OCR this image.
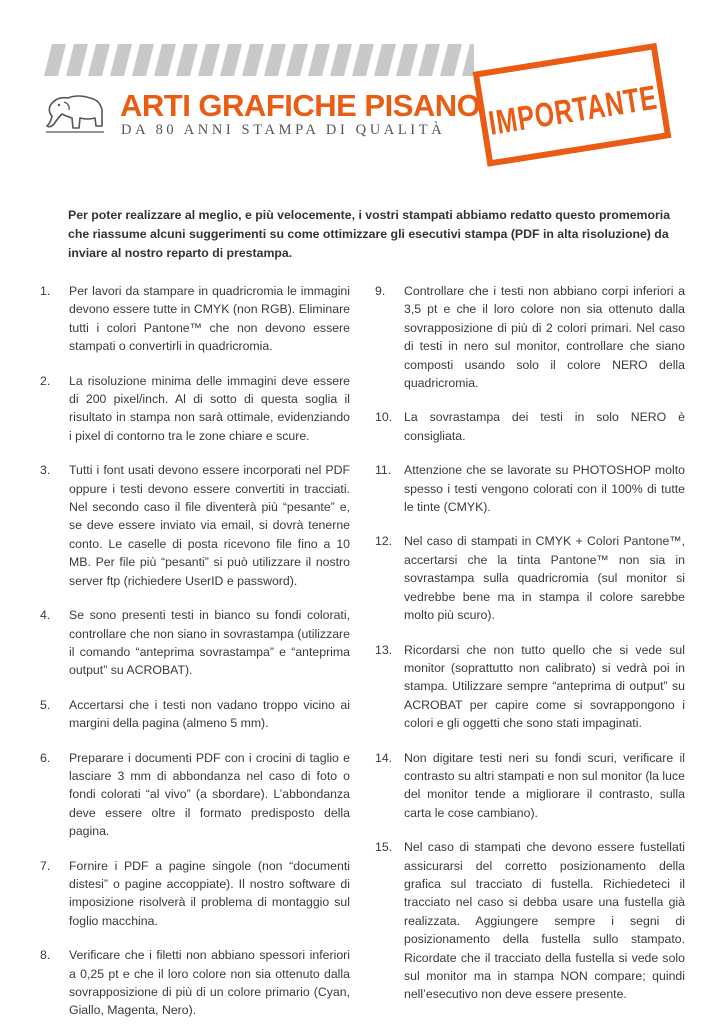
IMPORTANTE
ARTI GRAFICHE PISANO
DA 80 ANNI STAMPA DI QUALITÀ
Per poter realizzare al meglio, e più velocemente, i vostri stampati abbiamo redatto questo promemoria che riassume alcuni suggerimenti su come ottimizzare gli esecutivi stampa (PDF in alta risoluzione) da inviare al nostro reparto di prestampa.
1.	Per lavori da stampare in quadricromia le immagini devono essere tutte in CMYK (non RGB). Eliminare tutti i colori Pantone™ che non devono essere stampati o convertirli in quadricromia.
2.	La risoluzione minima delle immagini deve essere di 200 pixel/inch. Al di sotto di questa soglia il risultato in stampa non sarà ottimale, evidenziando i pixel di contorno tra le zone chiare e scure.
3.	Tutti i font usati devono essere incorporati nel PDF oppure i testi devono essere convertiti in tracciati. Nel secondo caso il file diventerà più “pesante” e, se deve essere inviato via email, si dovrà tenerne conto. Le caselle di posta ricevono file fino a 10 MB. Per file più “pesanti” si può utilizzare il nostro server ftp (richiedere UserID e password).
4.	Se sono presenti testi in bianco su fondi colorati, controllare che non siano in sovrastampa (utilizzare il comando “anteprima sovrastampa” e “anteprima output” su ACROBAT).
5.	Accertarsi che i testi non vadano troppo vicino ai margini della pagina (almeno 5 mm).
6.	Preparare i documenti PDF con i crocini di taglio e lasciare 3 mm di abbondanza nel caso di foto o fondi colorati “al vivo” (a sbordare). L’abbondanza deve essere oltre il formato predisposto della pagina.
7.	Fornire i PDF a pagine singole (non “documenti distesi” o pagine accoppiate). Il nostro software di imposizione risolverà il problema di montaggio sul foglio macchina.
8.	Verificare che i filetti non abbiano spessori inferiori a 0,25 pt e che il loro colore non sia ottenuto dalla sovrapposizione di più di un colore primario (Cyan, Giallo, Magenta, Nero).
9.	Controllare che i testi non abbiano corpi inferiori a 3,5 pt e che il loro colore non sia ottenuto dalla sovrapposizione di più di 2 colori primari. Nel caso di testi in nero sul monitor, controllare che siano composti usando solo il colore NERO della quadricromia.
10. La sovrastampa dei testi in solo NERO è consigliata.
11.	Attenzione che se lavorate su PHOTOSHOP molto spesso i testi vengono colorati con il 100% di tutte le tinte (CMYK).
12. Nel caso di stampati in CMYK + Colori Pantone™, accertarsi che la tinta Pantone™ non sia in sovrastampa sulla quadricromia (sul monitor si vedrebbe bene ma in stampa il colore sarebbe molto più scuro).
13. Ricordarsi che non tutto quello che si vede sul monitor (soprattutto non calibrato) si vedrà poi in stampa. Utilizzare sempre “anteprima di output” su ACROBAT per capire come si sovrappongono i colori e gli oggetti che sono stati impaginati.
14. Non digitare testi neri su fondi scuri, verificare il contrasto su altri stampati e non sul monitor (la luce del monitor tende a migliorare il contrasto, sulla carta le cose cambiano).
15. Nel caso di stampati che devono essere fustellati assicurarsi del corretto posizionamento della grafica sul tracciato di fustella. Richiedeteci il tracciato nel caso si debba usare una fustella già realizzata. Aggiungere sempre i segni di posizionamento della fustella sullo stampato. Ricordate che il tracciato della fustella si vede solo sul monitor ma in stampa NON compare; quindi nell’esecutivo non deve essere presente.
